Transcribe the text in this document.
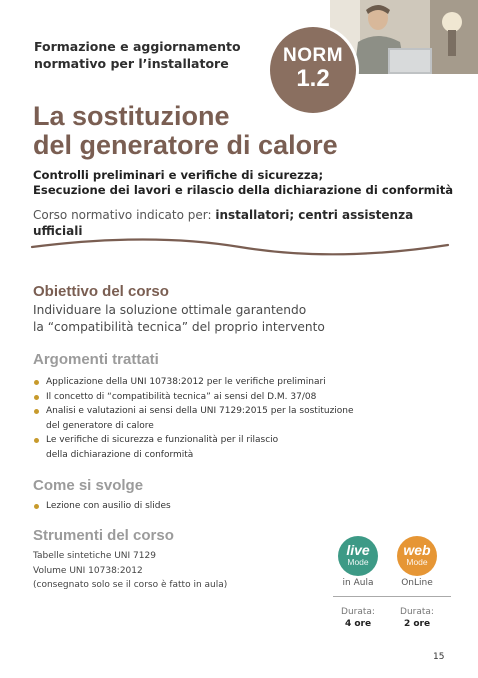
Formazione e aggiornamento
normativo per l’installatore	NORM
1.2
La sostituzione
del generatore di calore
Controlli preliminari e verifiche di sicurezza;
Esecuzione dei lavori e rilascio della dichiarazione di conformità
Corso normativo indicato per: installatori; centri assistenza ufficiali
Obiettivo del corso
Individuare la soluzione ottimale garantendo
la “compatibilità tecnica” del proprio intervento
Argomenti trattati
Applicazione della UNI 10738:2012 per le verifiche preliminari
Il concetto di “compatibilità tecnica” ai sensi del D.M. 37/08
Analisi e valutazioni ai sensi della UNI 7129:2015 per la sostituzione
del generatore di calore
Le verifiche di sicurezza e funzionalità per il rilascio
della dichiarazione di conformità
Come si svolge
Lezione con ausilio di slides
Strumenti del corso
Tabelle sintetiche UNI 7129
Volume UNI 10738:2012
(consegnato solo se il corso è fatto in aula)
live
Mode
web
Mode
in Aula	OnLine
Durata:
4 ore
Durata:
2 ore
15
